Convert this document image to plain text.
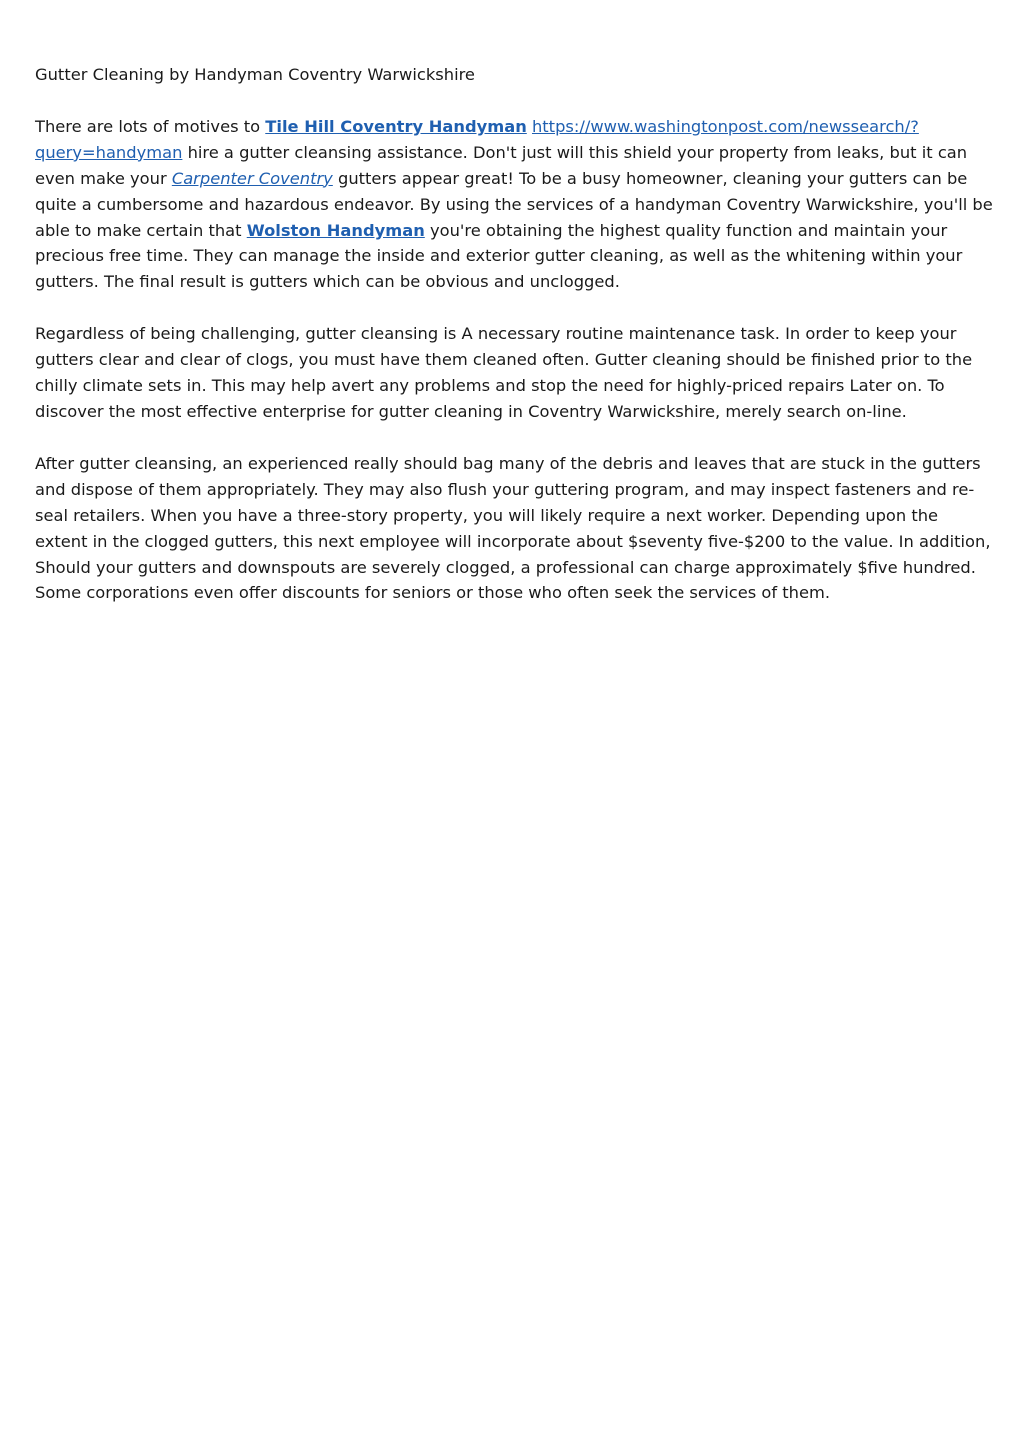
Gutter Cleaning by Handyman Coventry Warwickshire

There are lots of motives to Tile Hill Coventry Handyman https://www.washingtonpost.com/newssearch/?query=handyman hire a gutter cleansing assistance. Don't just will this shield your property from leaks, but it can even make your Carpenter Coventry gutters appear great! To be a busy homeowner, cleaning your gutters can be quite a cumbersome and hazardous endeavor. By using the services of a handyman Coventry Warwickshire, you'll be able to make certain that Wolston Handyman you're obtaining the highest quality function and maintain your precious free time. They can manage the inside and exterior gutter cleaning, as well as the whitening within your gutters. The final result is gutters which can be obvious and unclogged.

Regardless of being challenging, gutter cleansing is A necessary routine maintenance task. In order to keep your gutters clear and clear of clogs, you must have them cleaned often. Gutter cleaning should be finished prior to the chilly climate sets in. This may help avert any problems and stop the need for highly-priced repairs Later on. To discover the most effective enterprise for gutter cleaning in Coventry Warwickshire, merely search on-line.

After gutter cleansing, an experienced really should bag many of the debris and leaves that are stuck in the gutters and dispose of them appropriately. They may also flush your guttering program, and may inspect fasteners and re-seal retailers. When you have a three-story property, you will likely require a next worker. Depending upon the extent in the clogged gutters, this next employee will incorporate about $seventy five-$200 to the value. In addition, Should your gutters and downspouts are severely clogged, a professional can charge approximately $five hundred. Some corporations even offer discounts for seniors or those who often seek the services of them.
